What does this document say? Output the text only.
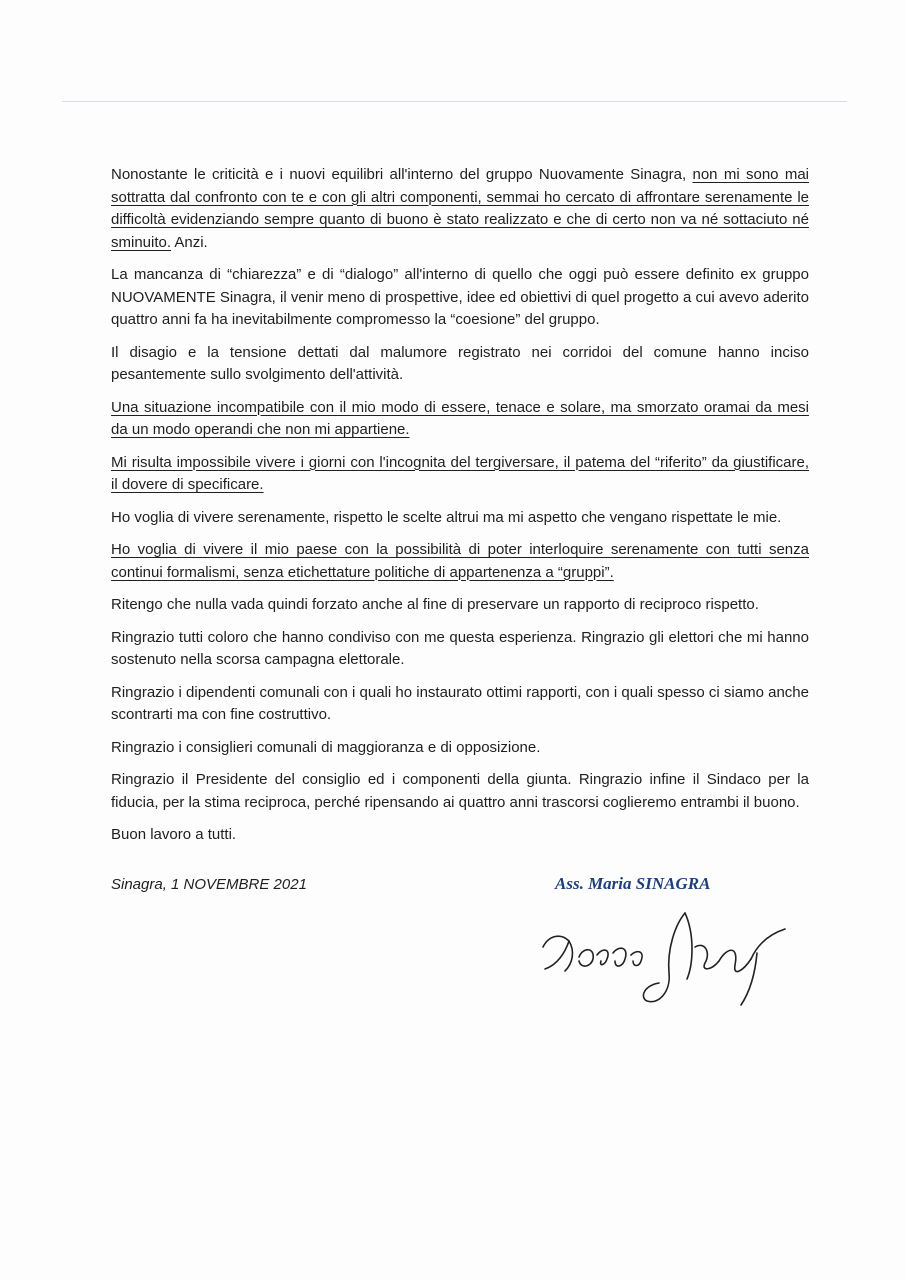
Nonostante le criticità e i nuovi equilibri all'interno del gruppo Nuovamente Sinagra, non mi sono mai sottratta dal confronto con te e con gli altri componenti, semmai ho cercato di affrontare serenamente le difficoltà evidenziando sempre quanto di buono è stato realizzato e che di certo non va né sottaciuto né sminuito. Anzi.

La mancanza di “chiarezza” e di “dialogo” all'interno di quello che oggi può essere definito ex gruppo NUOVAMENTE Sinagra, il venir meno di prospettive, idee ed obiettivi di quel progetto a cui avevo aderito quattro anni fa ha inevitabilmente compromesso la “coesione” del gruppo.

Il disagio e la tensione dettati dal malumore registrato nei corridoi del comune hanno inciso pesantemente sullo svolgimento dell'attività.

Una situazione incompatibile con il mio modo di essere, tenace e solare, ma smorzato oramai da mesi da un modo operandi che non mi appartiene.

Mi risulta impossibile vivere i giorni con l'incognita del tergiversare, il patema del “riferito” da giustificare, il dovere di specificare.

Ho voglia di vivere serenamente, rispetto le scelte altrui ma mi aspetto che vengano rispettate le mie.

Ho voglia di vivere il mio paese con la possibilità di poter interloquire serenamente con tutti senza continui formalismi, senza etichettature politiche di appartenenza a “gruppi”.

Ritengo che nulla vada quindi forzato anche al fine di preservare un rapporto di reciproco rispetto.

Ringrazio tutti coloro che hanno condiviso con me questa esperienza. Ringrazio gli elettori che mi hanno sostenuto nella scorsa campagna elettorale.

Ringrazio i dipendenti comunali con i quali ho instaurato ottimi rapporti, con i quali spesso ci siamo anche scontrarti ma con fine costruttivo.

Ringrazio i consiglieri comunali di maggioranza e di opposizione.

Ringrazio il Presidente del consiglio ed i componenti della giunta. Ringrazio infine il Sindaco per la fiducia, per la stima reciproca, perché ripensando ai quattro anni trascorsi coglieremo entrambi il buono.

Buon lavoro a tutti.

Sinagra, 1 NOVEMBRE 2021	Ass. Maria SINAGRA
